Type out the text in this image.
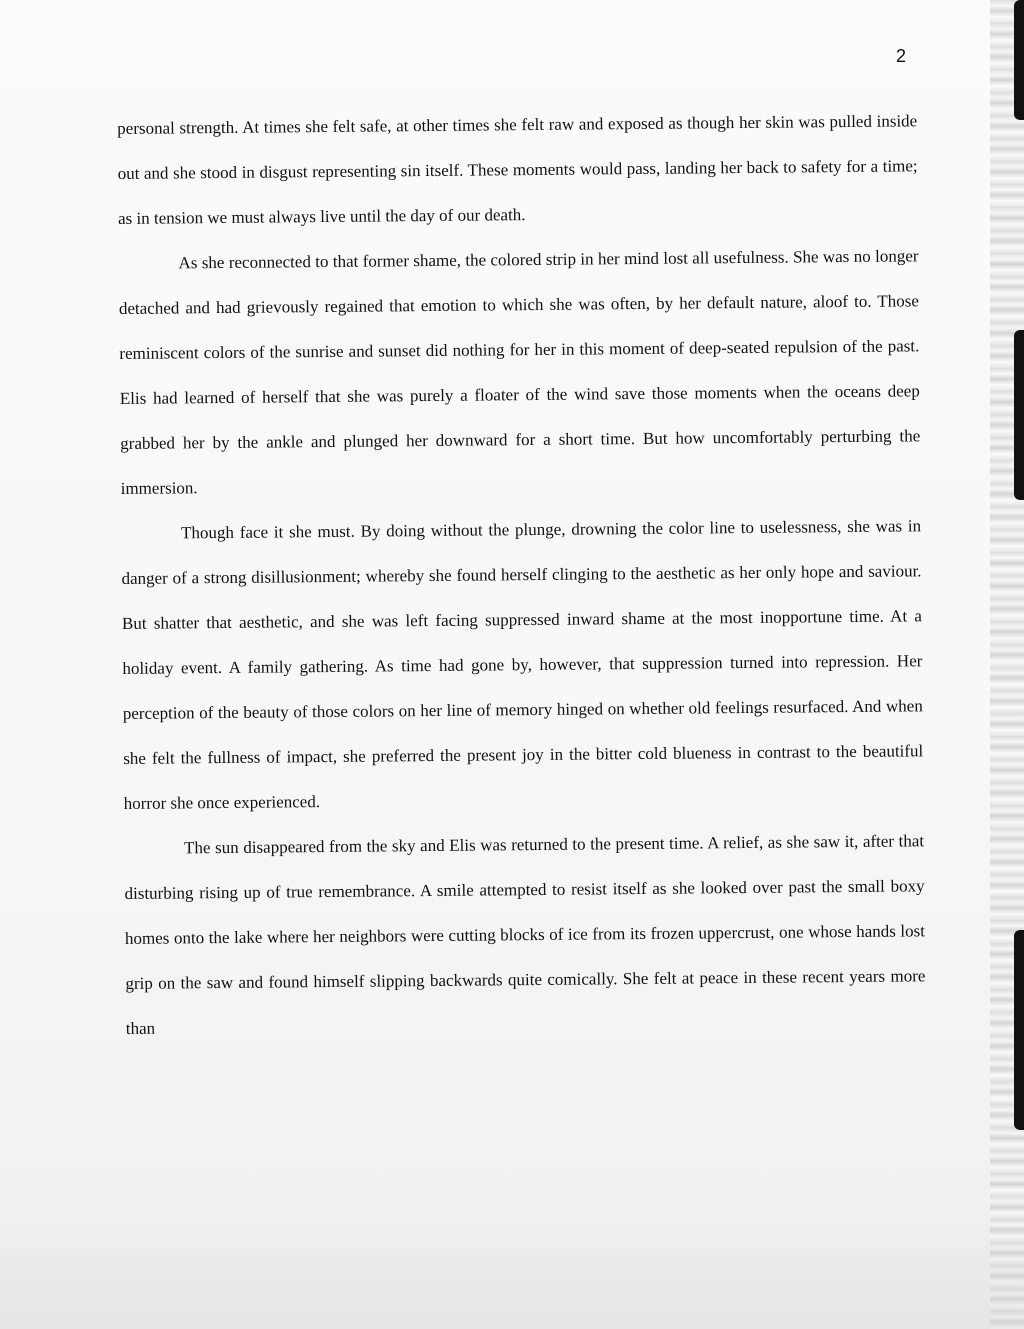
2

personal strength. At times she felt safe, at other times she felt raw and exposed as though her skin was pulled inside out and she stood in disgust representing sin itself. These moments would pass, landing her back to safety for a time; as in tension we must always live until the day of our death.

As she reconnected to that former shame, the colored strip in her mind lost all usefulness. She was no longer detached and had grievously regained that emotion to which she was often, by her default nature, aloof to. Those reminiscent colors of the sunrise and sunset did nothing for her in this moment of deep-seated repulsion of the past. Elis had learned of herself that she was purely a floater of the wind save those moments when the oceans deep grabbed her by the ankle and plunged her downward for a short time. But how uncomfortably perturbing the immersion.

Though face it she must. By doing without the plunge, drowning the color line to uselessness, she was in danger of a strong disillusionment; whereby she found herself clinging to the aesthetic as her only hope and saviour. But shatter that aesthetic, and she was left facing suppressed inward shame at the most inopportune time. At a holiday event. A family gathering. As time had gone by, however, that suppression turned into repression. Her perception of the beauty of those colors on her line of memory hinged on whether old feelings resurfaced. And when she felt the fullness of impact, she preferred the present joy in the bitter cold blueness in contrast to the beautiful horror she once experienced.

The sun disappeared from the sky and Elis was returned to the present time. A relief, as she saw it, after that disturbing rising up of true remembrance. A smile attempted to resist itself as she looked over past the small boxy homes onto the lake where her neighbors were cutting blocks of ice from its frozen uppercrust, one whose hands lost grip on the saw and found himself slipping backwards quite comically. She felt at peace in these recent years more than
